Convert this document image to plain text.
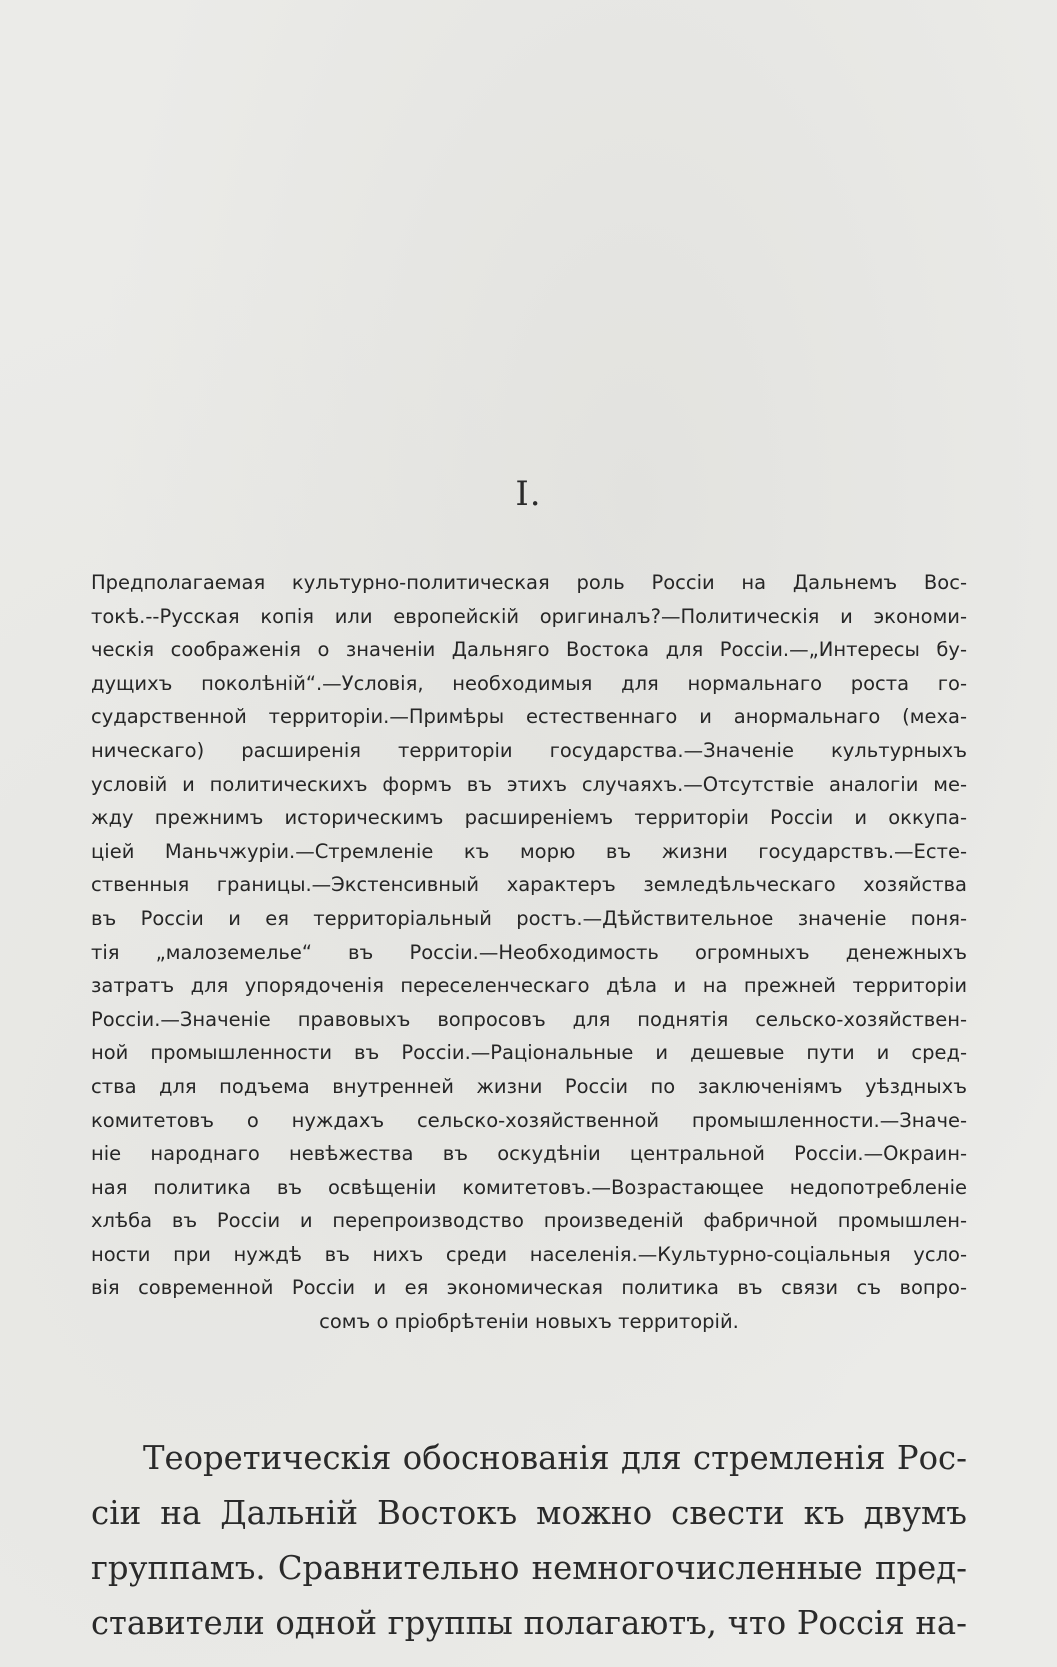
I.
Предполагаемая культурно-политическая роль Россiи на Дальнемъ Вос-
токѣ.--Русская копiя или европейскiй оригиналъ?—Политическiя и экономи-
ческiя соображенiя о значенiи Дальняго Востока для Россiи.—„Интересы бу-
дущихъ поколѣнiй“.—Условiя, необходимыя для нормальнаго роста го-
сударственной территорiи.—Примѣры естественнаго и анормальнаго (меха-
ническаго) расширенiя территорiи государства.—Значенiе культурныхъ
условiй и политическихъ формъ въ этихъ случаяхъ.—Отсутствiе аналогiи ме-
жду прежнимъ историческимъ расширенiемъ территорiи Россiи и оккупа-
цiей Маньчжурiи.—Стремленiе къ морю въ жизни государствъ.—Есте-
ственныя границы.—Экстенсивный характеръ земледѣльческаго хозяйства
въ Россiи и ея территорiальный ростъ.—Дѣйствительное значенiе поня-
тiя „малоземелье“ въ Россiи.—Необходимость огромныхъ денежныхъ
затратъ для упорядоченiя переселенческаго дѣла и на прежней территорiи
Россiи.—Значенiе правовыхъ вопросовъ для поднятiя сельско-хозяйствен-
ной промышленности въ Россiи.—Рацiональные и дешевые пути и сред-
ства для подъема внутренней жизни Россiи по заключенiямъ уѣздныхъ
комитетовъ о нуждахъ сельско-хозяйственной промышленности.—Значе-
нiе народнаго невѣжества въ оскудѣнiи центральной Россiи.—Окраин-
ная политика въ освѣщенiи комитетовъ.—Возрастающее недопотребленiе
хлѣба въ Россiи и перепроизводство произведенiй фабричной промышлен-
ности при нуждѣ въ нихъ среди населенiя.—Культурно-соцiальныя усло-
вiя современной Россiи и ея экономическая политика въ связи съ вопро-
сомъ о прiобрѣтенiи новыхъ территорiй.
Теоретическiя обоснованiя для стремленiя Рос-
сiи на Дальнiй Востокъ можно свести къ двумъ
группамъ. Сравнительно немногочисленные пред-
ставители одной группы полагаютъ, что Россiя на-
